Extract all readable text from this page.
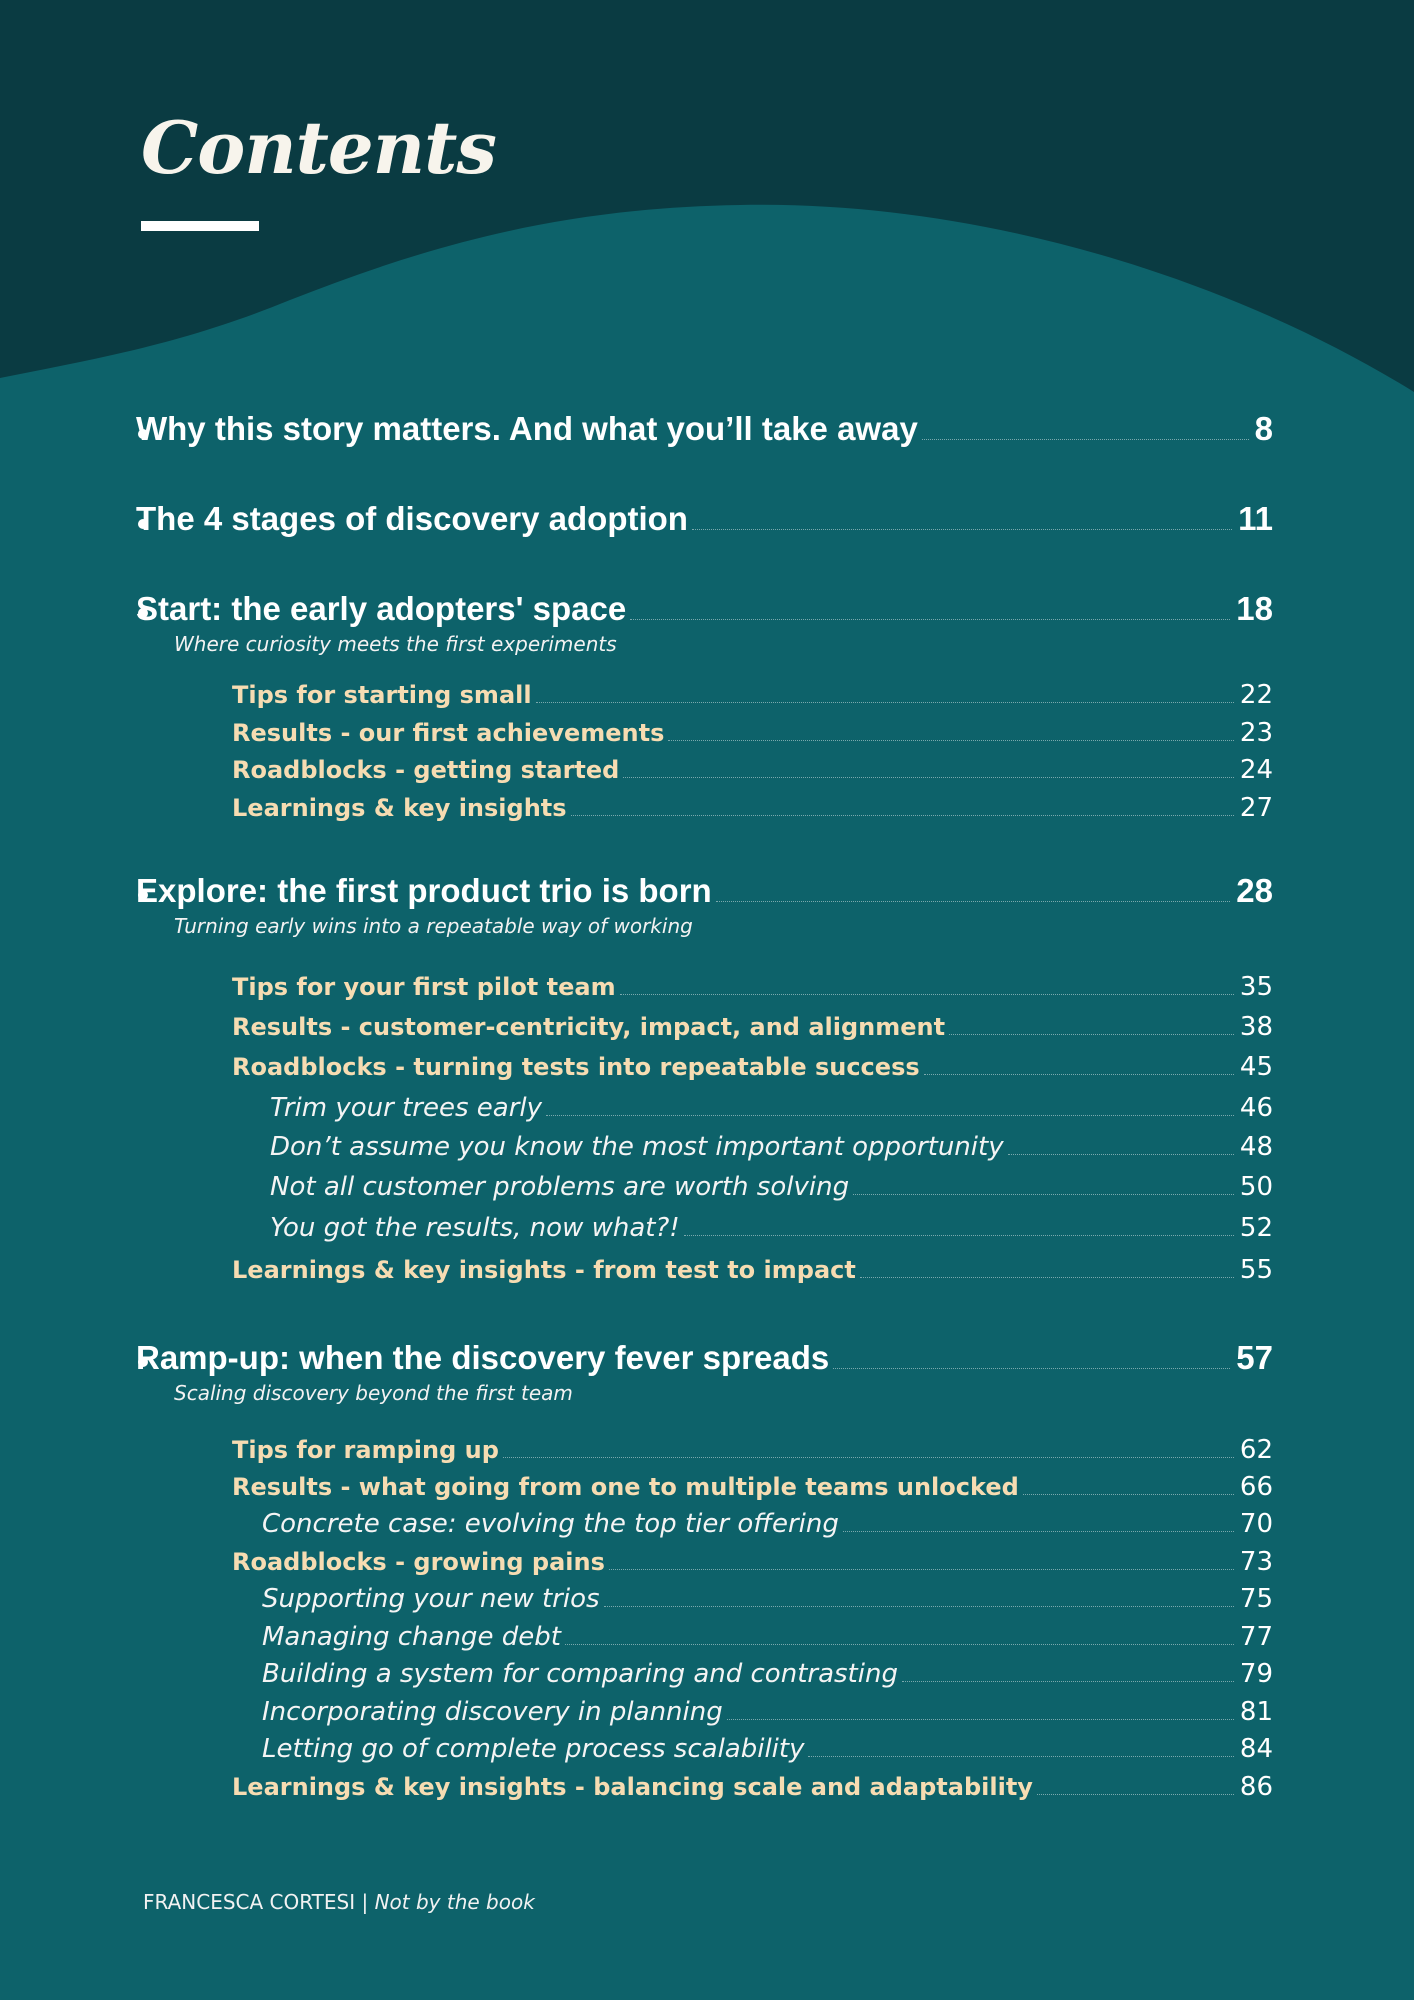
Contents
Why this story matters. And what you’ll take away	8
The 4 stages of discovery adoption	11
Start: the early adopters' space	18

Where curiosity meets the first experiments

Tips for starting small	22
Results - our first achievements	23
Roadblocks - getting started	24
Learnings & key insights	27
Explore: the first product trio is born	28

Turning early wins into a repeatable way of working

Tips for your first pilot team	35
Results - customer-centricity, impact, and alignment	38
Roadblocks - turning tests into repeatable success	45
Trim your trees early	46
Don’t assume you know the most important opportunity	48
Not all customer problems are worth solving	50
You got the results, now what?!	52
Learnings & key insights - from test to impact	55
Ramp-up: when the discovery fever spreads	57

Scaling discovery beyond the first team

Tips for ramping up	62
Results - what going from one to multiple teams unlocked	66
Concrete case: evolving the top tier offering	70
Roadblocks - growing pains	73
Supporting your new trios	75
Managing change debt	77
Building a system for comparing and contrasting	79
Incorporating discovery in planning	81
Letting go of complete process scalability	84
Learnings & key insights - balancing scale and adaptability	86
FRANCESCA CORTESI | Not by the book
